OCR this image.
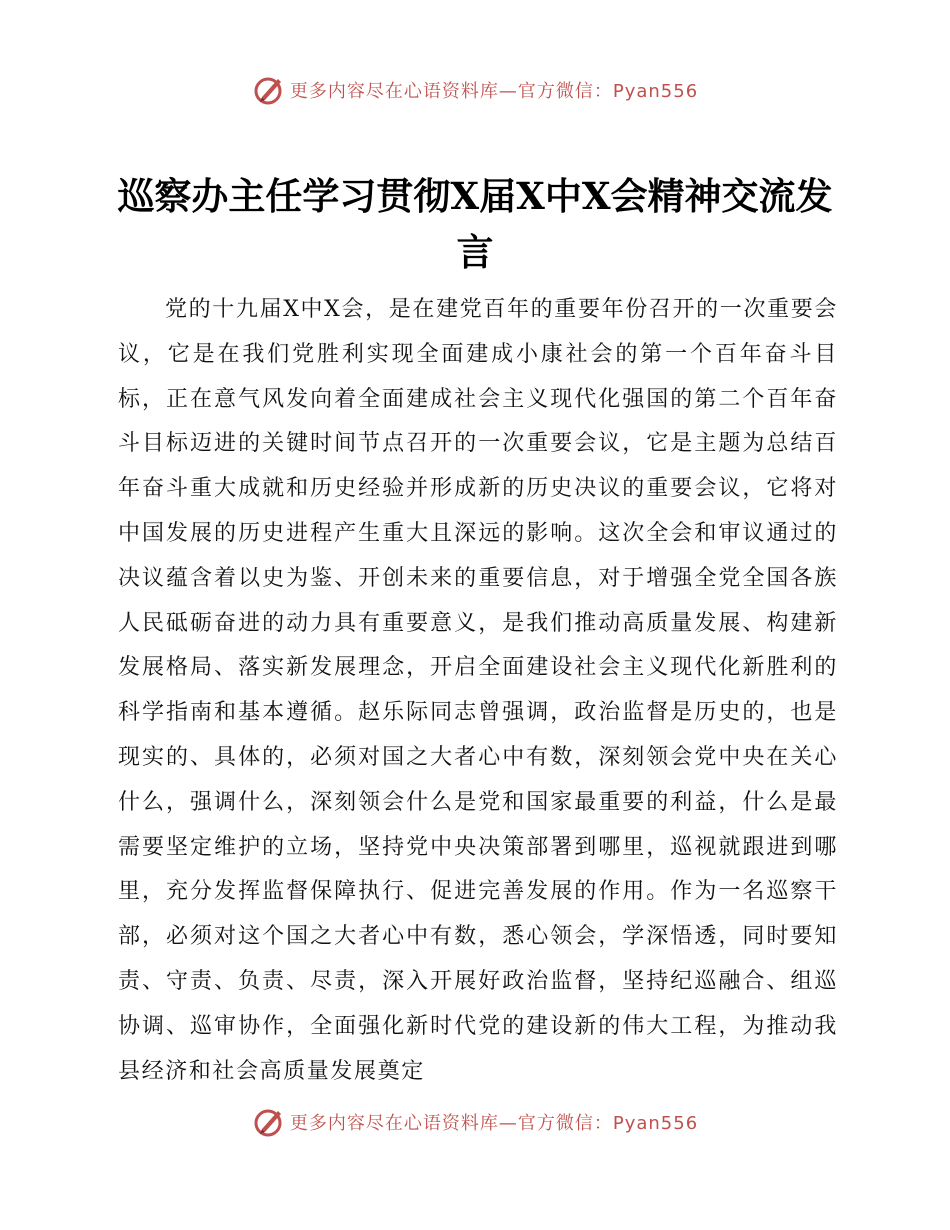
更多内容尽在心语资料库—官方微信：Pyan556
巡察办主任学习贯彻X届X中X会精神交流发言

党的十九届X中X会，是在建党百年的重要年份召开的一次重要会议，它是在我们党胜利实现全面建成小康社会的第一个百年奋斗目标，正在意气风发向着全面建成社会主义现代化强国的第二个百年奋斗目标迈进的关键时间节点召开的一次重要会议，它是主题为总结百年奋斗重大成就和历史经验并形成新的历史决议的重要会议，它将对中国发展的历史进程产生重大且深远的影响。这次全会和审议通过的决议蕴含着以史为鉴、开创未来的重要信息，对于增强全党全国各族人民砥砺奋进的动力具有重要意义，是我们推动高质量发展、构建新发展格局、落实新发展理念，开启全面建设社会主义现代化新胜利的科学指南和基本遵循。赵乐际同志曾强调，政治监督是历史的，也是现实的、具体的，必须对国之大者心中有数，深刻领会党中央在关心什么，强调什么，深刻领会什么是党和国家最重要的利益，什么是最需要坚定维护的立场，坚持党中央决策部署到哪里，巡视就跟进到哪里，充分发挥监督保障执行、促进完善发展的作用。作为一名巡察干部，必须对这个国之大者心中有数，悉心领会，学深悟透，同时要知责、守责、负责、尽责，深入开展好政治监督，坚持纪巡融合、组巡协调、巡审协作，全面强化新时代党的建设新的伟大工程，为推动我县经济和社会高质量发展奠定

更多内容尽在心语资料库—官方微信：Pyan556
